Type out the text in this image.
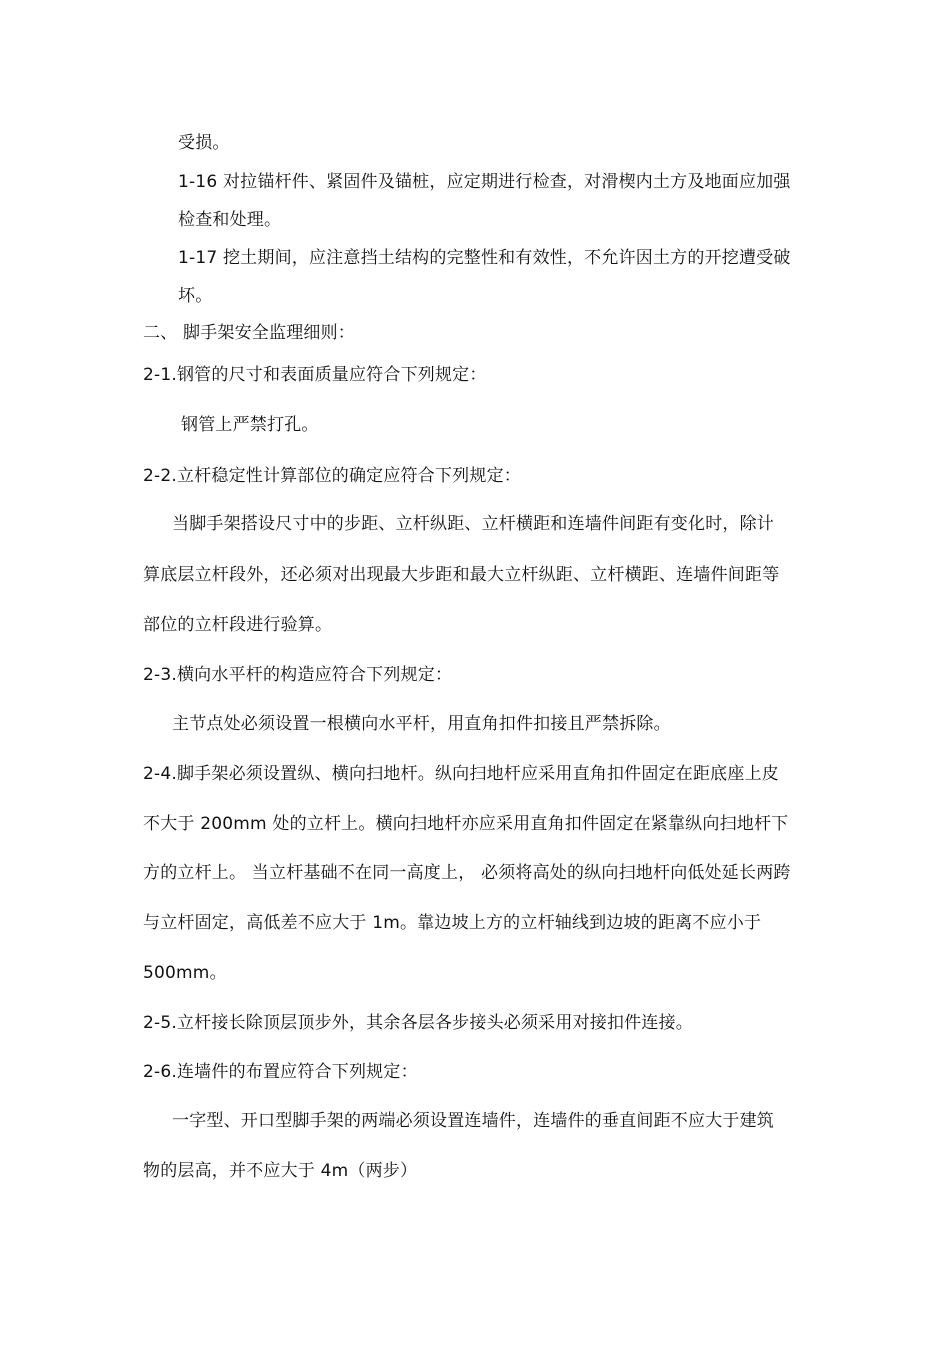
受损。
1-16 对拉锚杆件、紧固件及锚桩，应定期进行检查，对滑楔内土方及地面应加强
检查和处理。
1-17 挖土期间，应注意挡土结构的完整性和有效性，不允许因土方的开挖遭受破
坏。
二、 脚手架安全监理细则：
2-1.钢管的尺寸和表面质量应符合下列规定：
钢管上严禁打孔。
2-2.立杆稳定性计算部位的确定应符合下列规定：
当脚手架搭设尺寸中的步距、立杆纵距、立杆横距和连墙件间距有变化时，除计
算底层立杆段外，还必须对出现最大步距和最大立杆纵距、立杆横距、连墙件间距等
部位的立杆段进行验算。
2-3.横向水平杆的构造应符合下列规定：
主节点处必须设置一根横向水平杆，用直角扣件扣接且严禁拆除。
2-4.脚手架必须设置纵、横向扫地杆。纵向扫地杆应采用直角扣件固定在距底座上皮
不大于 200mm 处的立杆上。横向扫地杆亦应采用直角扣件固定在紧靠纵向扫地杆下
方的立杆上。 当立杆基础不在同一高度上， 必须将高处的纵向扫地杆向低处延长两跨
与立杆固定，高低差不应大于 1m。靠边坡上方的立杆轴线到边坡的距离不应小于
500mm。
2-5.立杆接长除顶层顶步外，其余各层各步接头必须采用对接扣件连接。
2-6.连墙件的布置应符合下列规定：
一字型、开口型脚手架的两端必须设置连墙件，连墙件的垂直间距不应大于建筑
物的层高，并不应大于 4m（两步）
